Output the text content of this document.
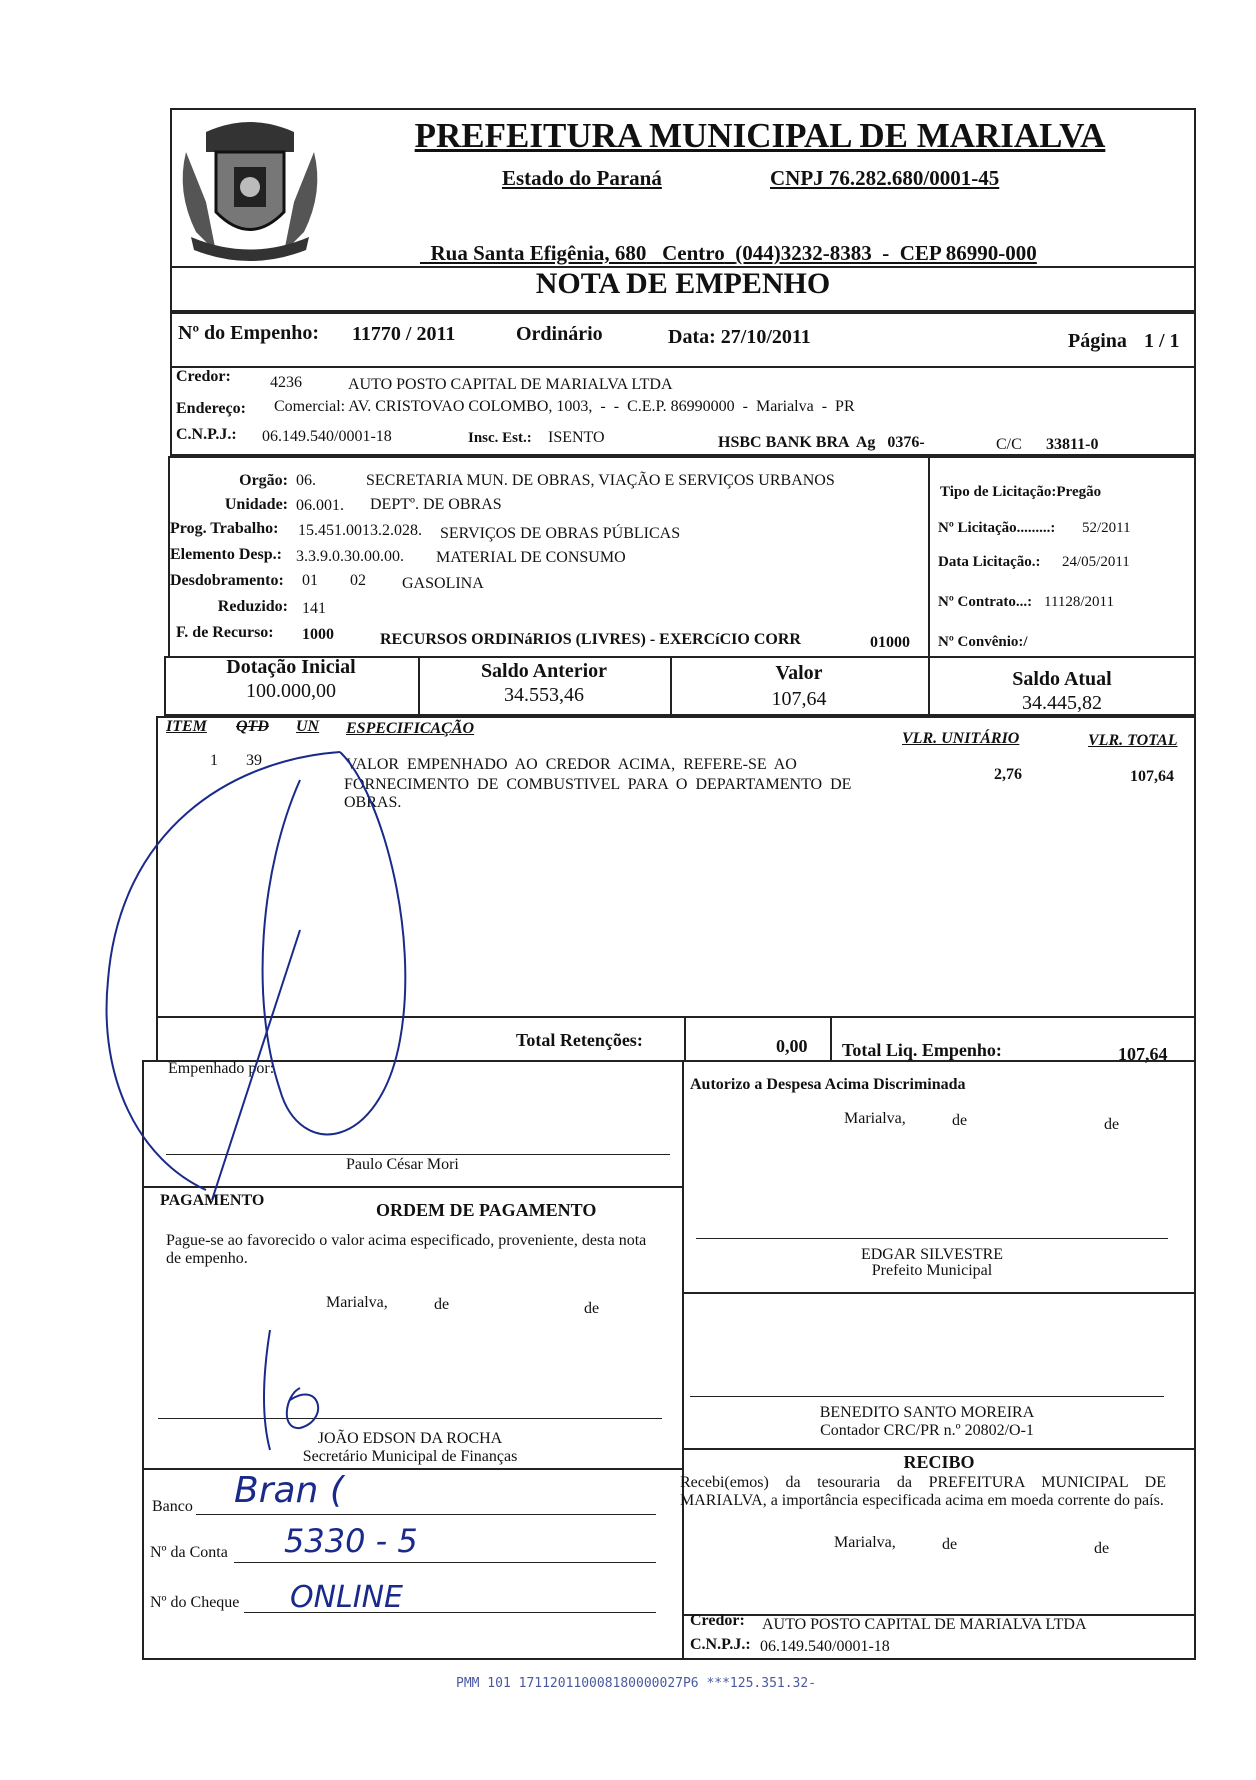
PREFEITURA MUNICIPAL DE MARIALVA
Estado do Paraná	CNPJ 76.282.680/0001-45

Rua Santa Efigênia, 680 Centro (044)3232-8383  -  CEP 86990-000

NOTA DE EMPENHO
Nº do Empenho: 11770 / 2011	Ordinário	Data: 27/10/2011	Página 1 / 1
Credor: 4236	AUTO POSTO CAPITAL DE MARIALVA LTDA
Endereço: Comercial: AV. CRISTOVAO COLOMBO, 1003,  -  -  C.E.P. 86990000  -  Marialva  -  PR
C.N.P.J.: 06.149.540/0001-18	Insc. Est.: ISENTO	HSBC BANK BRA  Ag   0376-	C/C 33811-0
Orgão: 06.	SECRETARIA MUN. DE OBRAS, VIAÇÃO E SERVIÇOS URBANOS
Unidade: 06.001. DEPTº. DE OBRAS
Prog. Trabalho: 15.451.0013.2.028. SERVIÇOS DE OBRAS PÚBLICAS
Elemento Desp.: 3.3.9.0.30.00.00. MATERIAL DE CONSUMO
Desdobramento: 01 02 GASOLINA
Reduzido: 141
F. de Recurso: 1000	RECURSOS ORDINáRIOS (LIVRES) - EXERCíCIO CORR	01000
Tipo de Licitação:Pregão
Nº Licitação.........: 52/2011
Data Licitação.: 24/05/2011
Nº Contrato...: 11128/2011
Nº Convênio:/
Dotação Inicial
100.000,00
Saldo Anterior
34.553,46
Valor
107,64
Saldo Atual
34.445,82
ITEM QTD UN ESPECIFICAÇÃO
VLR. UNITÁRIO	VLR. TOTAL
1 39	VALOR  EMPENHADO  AO  CREDOR  ACIMA,  REFERE-SE  AO
FORNECIMENTO  DE  COMBUSTIVEL  PARA  O  DEPARTAMENTO  DE
OBRAS.
2,76	107,64
Total Retenções:	0,00 Total Liq. Empenho:	107,64
Empenhado por:
Paulo César Mori
Autorizo a Despesa Acima Discriminada
Marialva,	de	de
EDGAR SILVESTRE
Prefeito Municipal
PAGAMENTO	ORDEM DE PAGAMENTO
Pague-se ao favorecido o valor acima especificado, proveniente, desta nota de empenho.
Marialva,	de	de
JOÃO EDSON DA ROCHA
Secretário Municipal de Finanças
BENEDITO SANTO MOREIRA
Contador CRC/PR n.º 20802/O-1
RECIBO
Recebi(emos) da tesouraria da PREFEITURA MUNICIPAL DE MARIALVA, a importância especificada acima em moeda corrente do país.
Marialva,	de	de
Banco Bran (
Nº da Conta 5330 - 5
Nº do Cheque ONLINE
Credor: AUTO POSTO CAPITAL DE MARIALVA LTDA
C.N.P.J.: 06.149.540/0001-18
PMM 101 171120110008180000027P6 ***125.351.32-
